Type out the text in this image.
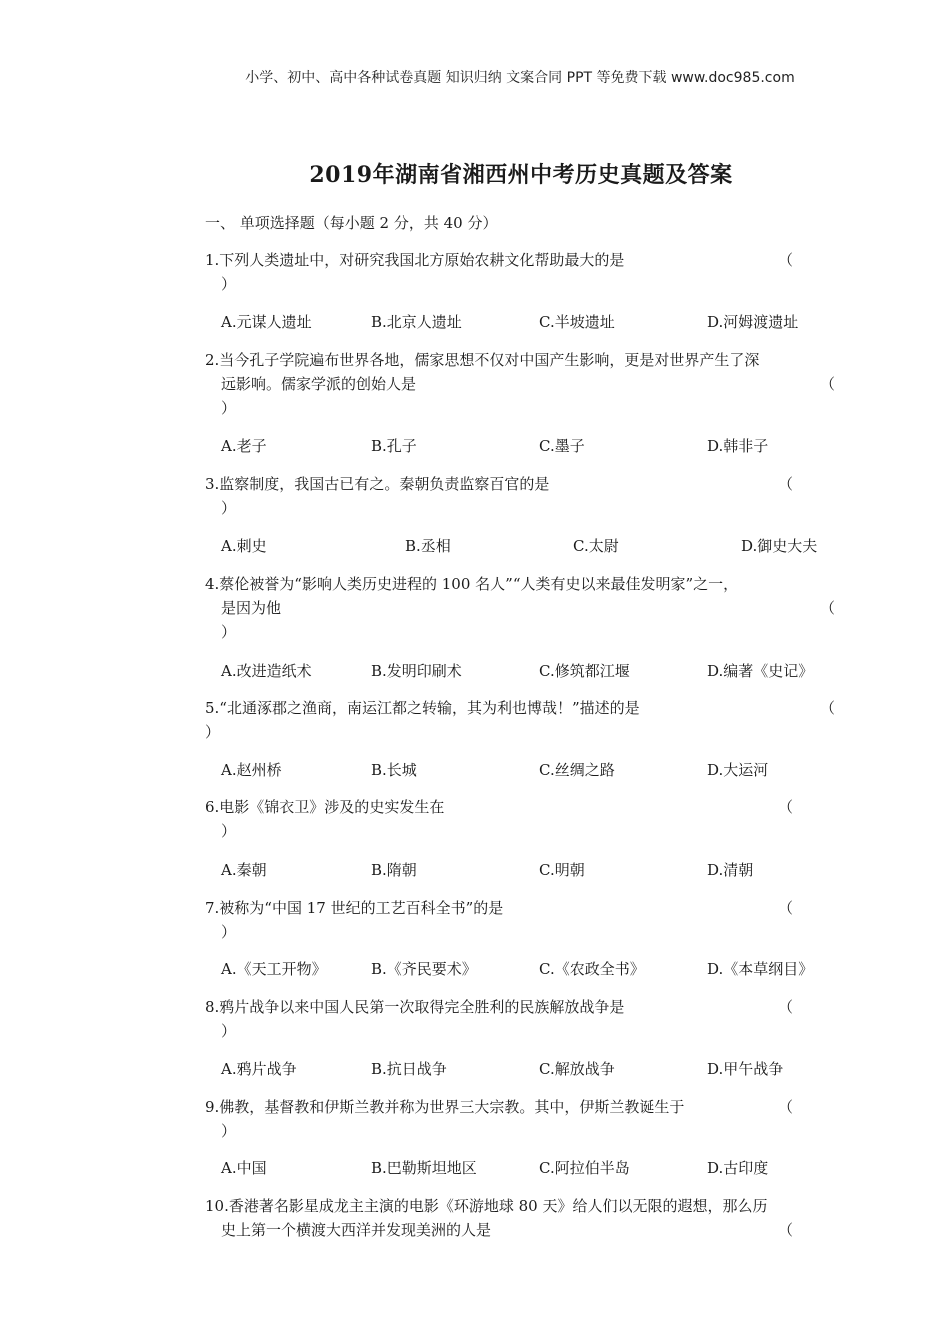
小学、初中、高中各种试卷真题 知识归纳 文案合同 PPT 等免费下载 www.doc985.com
2019年湖南省湘西州中考历史真题及答案
一、 单项选择题（每小题 2 分，共 40 分）
1.下列人类遗址中，对研究我国北方原始农耕文化帮助最大的是	（
）
A.元谋人遗址	B.北京人遗址	C.半坡遗址	D.河姆渡遗址
2.当今孔子学院遍布世界各地，儒家思想不仅对中国产生影响，更是对世界产生了深
远影响。儒家学派的创始人是	（
）
A.老子	B.孔子	C.墨子	D.韩非子
3.监察制度，我国古已有之。秦朝负责监察百官的是	（
）
A.刺史	B.丞相	C.太尉	D.御史大夫
4.蔡伦被誉为“影响人类历史进程的 100 名人”“人类有史以来最佳发明家”之一，
是因为他	（
）
A.改进造纸术	B.发明印刷术	C.修筑都江堰	D.编著《史记》
5.“北通涿郡之渔商，南运江都之转输，其为利也博哉！”描述的是	（
）
A.赵州桥	B.长城	C.丝绸之路	D.大运河
6.电影《锦衣卫》涉及的史实发生在	（
）
A.秦朝	B.隋朝	C.明朝	D.清朝
7.被称为“中国 17 世纪的工艺百科全书”的是	（
）
A.《天工开物》	B.《齐民要术》	C.《农政全书》	D.《本草纲目》
8.鸦片战争以来中国人民第一次取得完全胜利的民族解放战争是	（
）
A.鸦片战争	B.抗日战争	C.解放战争	D.甲午战争
9.佛教，基督教和伊斯兰教并称为世界三大宗教。其中，伊斯兰教诞生于	（
）
A.中国	B.巴勒斯坦地区	C.阿拉伯半岛	D.古印度
10.香港著名影星成龙主主演的电影《环游地球 80 天》给人们以无限的遐想，那么历
史上第一个横渡大西洋并发现美洲的人是	（
